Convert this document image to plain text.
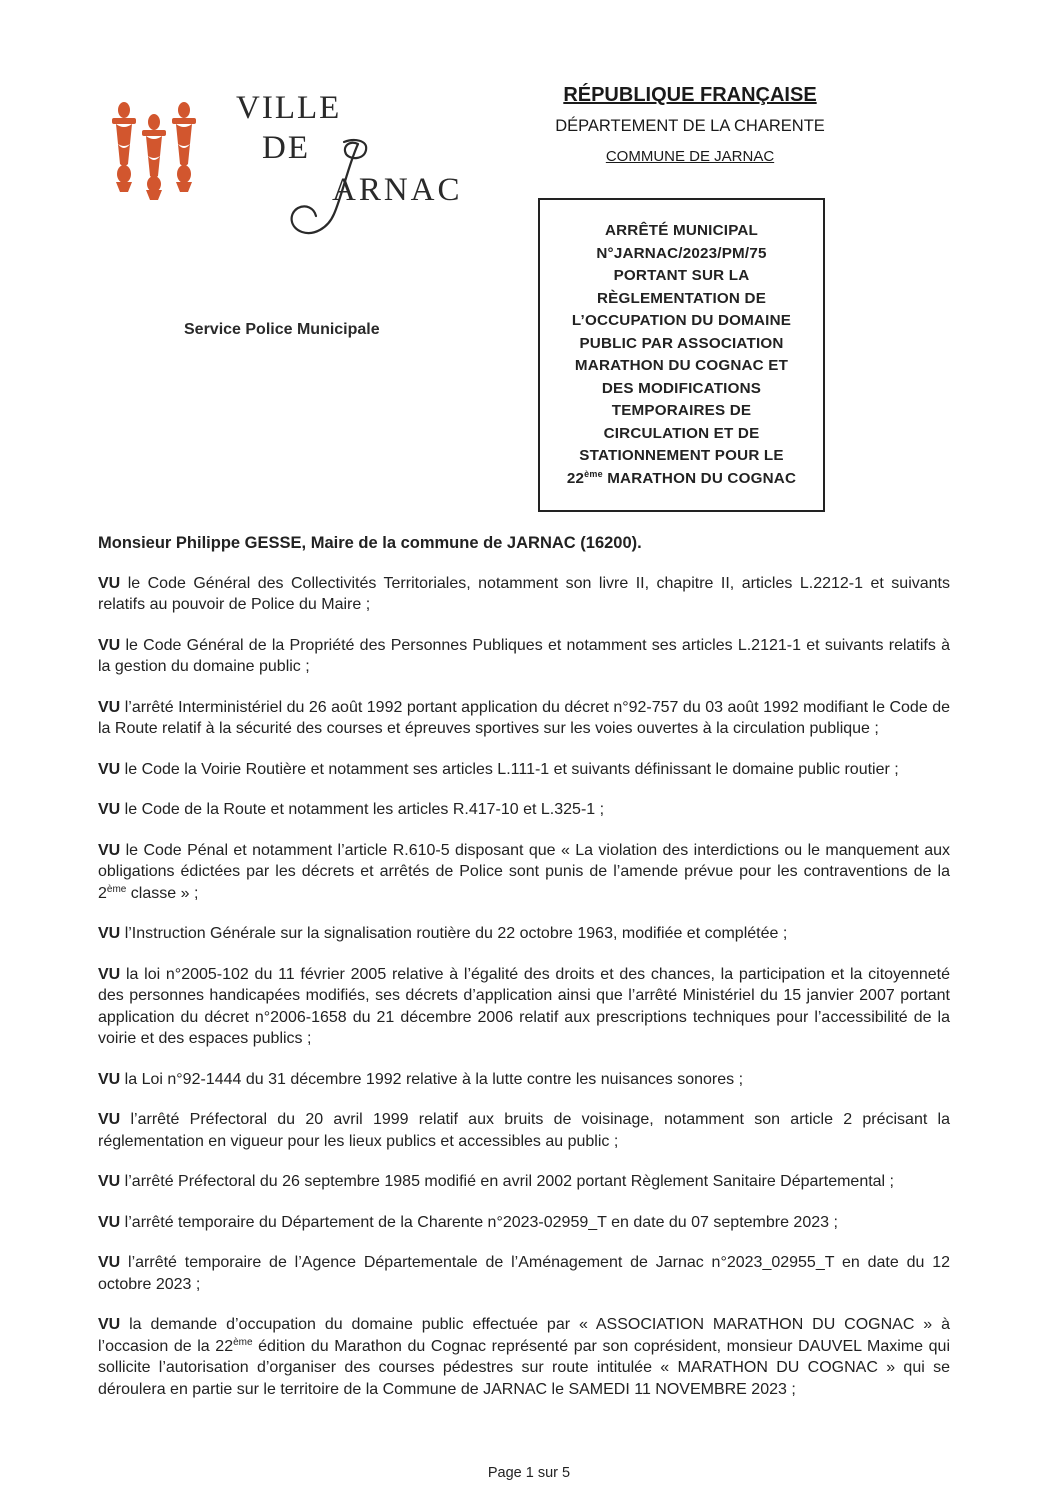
VILLE
DE
ARNAC
RÉPUBLIQUE FRANÇAISE
DÉPARTEMENT DE LA CHARENTE
COMMUNE DE JARNAC
Service Police Municipale
ARRÊTÉ MUNICIPAL
N°JARNAC/2023/PM/75
PORTANT SUR LA
RÈGLEMENTATION DE
L’OCCUPATION DU DOMAINE
PUBLIC PAR ASSOCIATION
MARATHON DU COGNAC ET
DES MODIFICATIONS
TEMPORAIRES DE
CIRCULATION ET DE
STATIONNEMENT POUR LE
22ème MARATHON DU COGNAC

Monsieur Philippe GESSE, Maire de la commune de JARNAC (16200).

VU le Code Général des Collectivités Territoriales, notamment son livre II, chapitre II, articles L.2212-1 et suivants relatifs au pouvoir de Police du Maire ;

VU le Code Général de la Propriété des Personnes Publiques et notamment ses articles L.2121-1 et suivants relatifs à la gestion du domaine public ;

VU l’arrêté Interministériel du 26 août 1992 portant application du décret n°92-757 du 03 août 1992 modifiant le Code de la Route relatif à la sécurité des courses et épreuves sportives sur les voies ouvertes à la circulation publique ;

VU le Code la Voirie Routière et notamment ses articles L.111-1 et suivants définissant le domaine public routier ;

VU le Code de la Route et notamment les articles R.417-10 et L.325-1 ;

VU le Code Pénal et notamment l’article R.610-5 disposant que « La violation des interdictions ou le manquement aux obligations édictées par les décrets et arrêtés de Police sont punis de l’amende prévue pour les contraventions de la 2ème classe » ;

VU l’Instruction Générale sur la signalisation routière du 22 octobre 1963, modifiée et complétée ;

VU la loi n°2005-102 du 11 février 2005 relative à l’égalité des droits et des chances, la participation et la citoyenneté des personnes handicapées modifiés, ses décrets d’application ainsi que l’arrêté Ministériel du 15 janvier 2007 portant application du décret n°2006-1658 du 21 décembre 2006 relatif aux prescriptions techniques pour l’accessibilité de la voirie et des espaces publics ;

VU la Loi n°92-1444 du 31 décembre 1992 relative à la lutte contre les nuisances sonores ;

VU l’arrêté Préfectoral du 20 avril 1999 relatif aux bruits de voisinage, notamment son article 2 précisant la réglementation en vigueur pour les lieux publics et accessibles au public ;

VU l’arrêté Préfectoral du 26 septembre 1985 modifié en avril 2002 portant Règlement Sanitaire Départemental ;

VU l’arrêté temporaire du Département de la Charente n°2023-02959_T en date du 07 septembre 2023 ;

VU l’arrêté temporaire de l’Agence Départementale de l’Aménagement de Jarnac n°2023_02955_T en date du 12 octobre 2023 ;

VU la demande d’occupation du domaine public effectuée par « ASSOCIATION MARATHON DU COGNAC » à l’occasion de la 22ème édition du Marathon du Cognac représenté par son coprésident, monsieur DAUVEL Maxime qui sollicite l’autorisation d’organiser des courses pédestres sur route intitulée « MARATHON DU COGNAC » qui se déroulera en partie sur le territoire de la Commune de JARNAC le SAMEDI 11 NOVEMBRE 2023 ;

Page 1 sur 5
